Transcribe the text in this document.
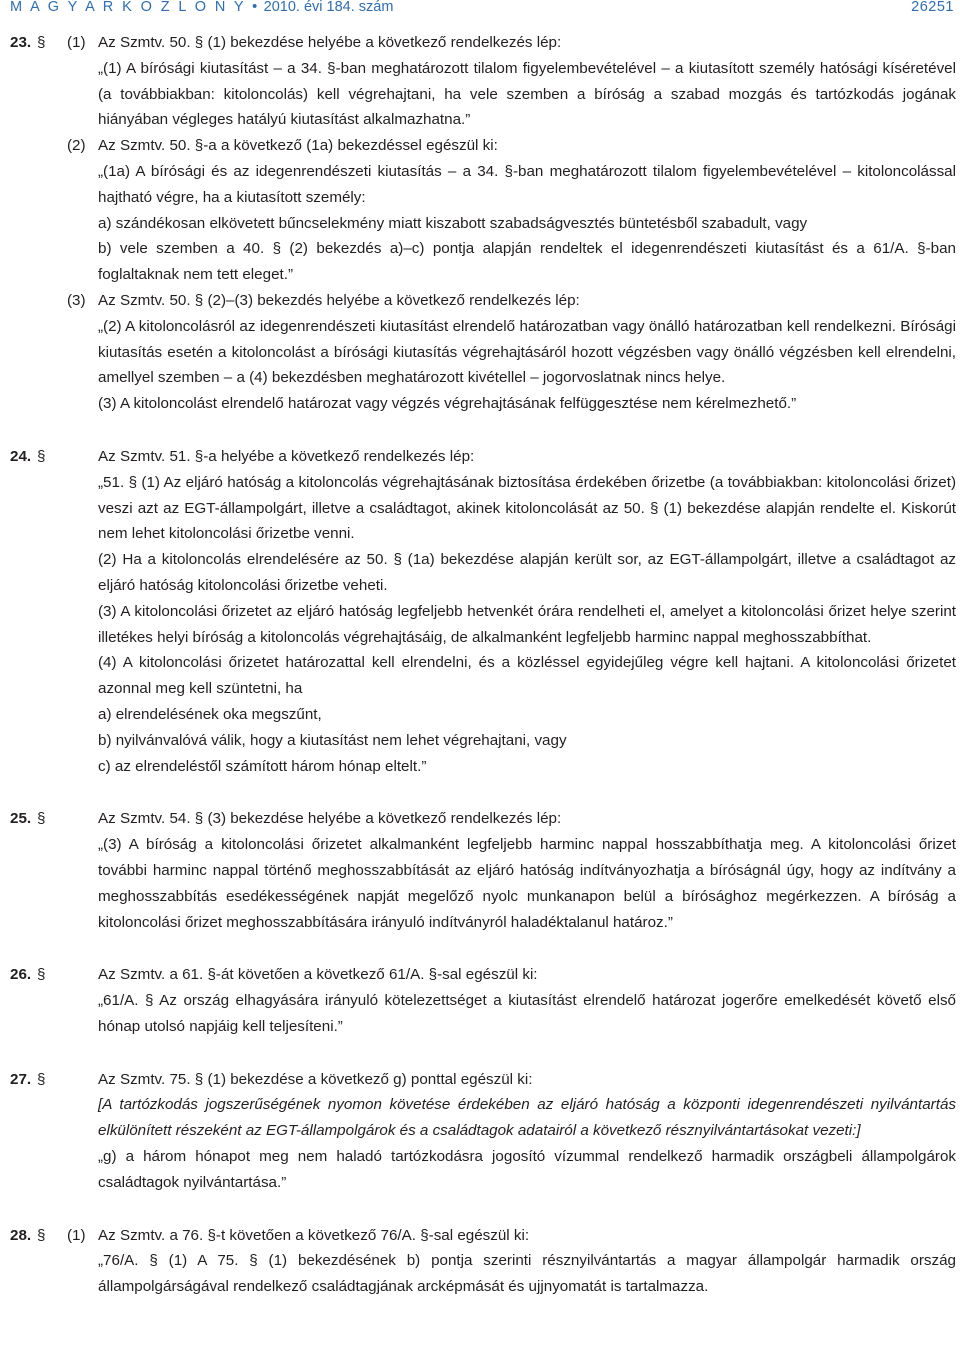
M A G Y A R K Ö Z L Ö N Y • 2010. évi 184. szám	26251
23. § (1) Az Szmtv. 50. § (1) bekezdése helyébe a következő rendelkezés lép:

„(1) A bírósági kiutasítást – a 34. §-ban meghatározott tilalom figyelembevételével – a kiutasított személy hatósági kíséretével (a továbbiakban: kitoloncolás) kell végrehajtani, ha vele szemben a bíróság a szabad mozgás és tartózkodás jogának hiányában végleges hatályú kiutasítást alkalmazhatna.”

(2) Az Szmtv. 50. §-a a következő (1a) bekezdéssel egészül ki:

„(1a) A bírósági és az idegenrendészeti kiutasítás – a 34. §-ban meghatározott tilalom figyelembevételével – kitoloncolással hajtható végre, ha a kiutasított személy:

a) szándékosan elkövetett bűncselekmény miatt kiszabott szabadságvesztés büntetésből szabadult, vagy

b) vele szemben a 40. § (2) bekezdés a)–c) pontja alapján rendeltek el idegenrendészeti kiutasítást és a 61/A. §-ban foglaltaknak nem tett eleget.”

(3) Az Szmtv. 50. § (2)–(3) bekezdés helyébe a következő rendelkezés lép:

„(2) A kitoloncolásról az idegenrendészeti kiutasítást elrendelő határozatban vagy önálló határozatban kell rendelkezni. Bírósági kiutasítás esetén a kitoloncolást a bírósági kiutasítás végrehajtásáról hozott végzésben vagy önálló végzésben kell elrendelni, amellyel szemben – a (4) bekezdésben meghatározott kivétellel – jogorvoslatnak nincs helye.

(3) A kitoloncolást elrendelő határozat vagy végzés végrehajtásának felfüggesztése nem kérelmezhető.”

24. §	Az Szmtv. 51. §-a helyébe a következő rendelkezés lép:

„51. § (1) Az eljáró hatóság a kitoloncolás végrehajtásának biztosítása érdekében őrizetbe (a továbbiakban: kitoloncolási őrizet) veszi azt az EGT-állampolgárt, illetve a családtagot, akinek kitoloncolását az 50. § (1) bekezdése alapján rendelte el. Kiskorút nem lehet kitoloncolási őrizetbe venni.

(2) Ha a kitoloncolás elrendelésére az 50. § (1a) bekezdése alapján került sor, az EGT-állampolgárt, illetve a családtagot az eljáró hatóság kitoloncolási őrizetbe veheti.

(3) A kitoloncolási őrizetet az eljáró hatóság legfeljebb hetvenkét órára rendelheti el, amelyet a kitoloncolási őrizet helye szerint illetékes helyi bíróság a kitoloncolás végrehajtásáig, de alkalmanként legfeljebb harminc nappal meghosszabbíthat.

(4) A kitoloncolási őrizetet határozattal kell elrendelni, és a közléssel egyidejűleg végre kell hajtani. A kitoloncolási őrizetet azonnal meg kell szüntetni, ha

a) elrendelésének oka megszűnt,

b) nyilvánvalóvá válik, hogy a kiutasítást nem lehet végrehajtani, vagy

c) az elrendeléstől számított három hónap eltelt.”

25. §	Az Szmtv. 54. § (3) bekezdése helyébe a következő rendelkezés lép:

„(3) A bíróság a kitoloncolási őrizetet alkalmanként legfeljebb harminc nappal hosszabbíthatja meg. A kitoloncolási őrizet további harminc nappal történő meghosszabbítását az eljáró hatóság indítványozhatja a bíróságnál úgy, hogy az indítvány a meghosszabbítás esedékességének napját megelőző nyolc munkanapon belül a bírósághoz megérkezzen. A bíróság a kitoloncolási őrizet meghosszabbítására irányuló indítványról haladéktalanul határoz.”

26. §	Az Szmtv. a 61. §-át követően a következő 61/A. §-sal egészül ki:

„61/A. § Az ország elhagyására irányuló kötelezettséget a kiutasítást elrendelő határozat jogerőre emelkedését követő első hónap utolsó napjáig kell teljesíteni.”

27. §	Az Szmtv. 75. § (1) bekezdése a következő g) ponttal egészül ki:

[A tartózkodás jogszerűségének nyomon követése érdekében az eljáró hatóság a központi idegenrendészeti nyilvántartás elkülönített részeként az EGT-állampolgárok és a családtagok adatairól a következő résznyilvántartásokat vezeti:]

„g) a három hónapot meg nem haladó tartózkodásra jogosító vízummal rendelkező harmadik országbeli állampolgárok családtagok nyilvántartása.”

28. § (1) Az Szmtv. a 76. §-t követően a következő 76/A. §-sal egészül ki:

„76/A. § (1) A 75. § (1) bekezdésének b) pontja szerinti résznyilvántartás a magyar állampolgár harmadik ország állampolgárságával rendelkező családtagjának arcképmását és ujjnyomatát is tartalmazza.
